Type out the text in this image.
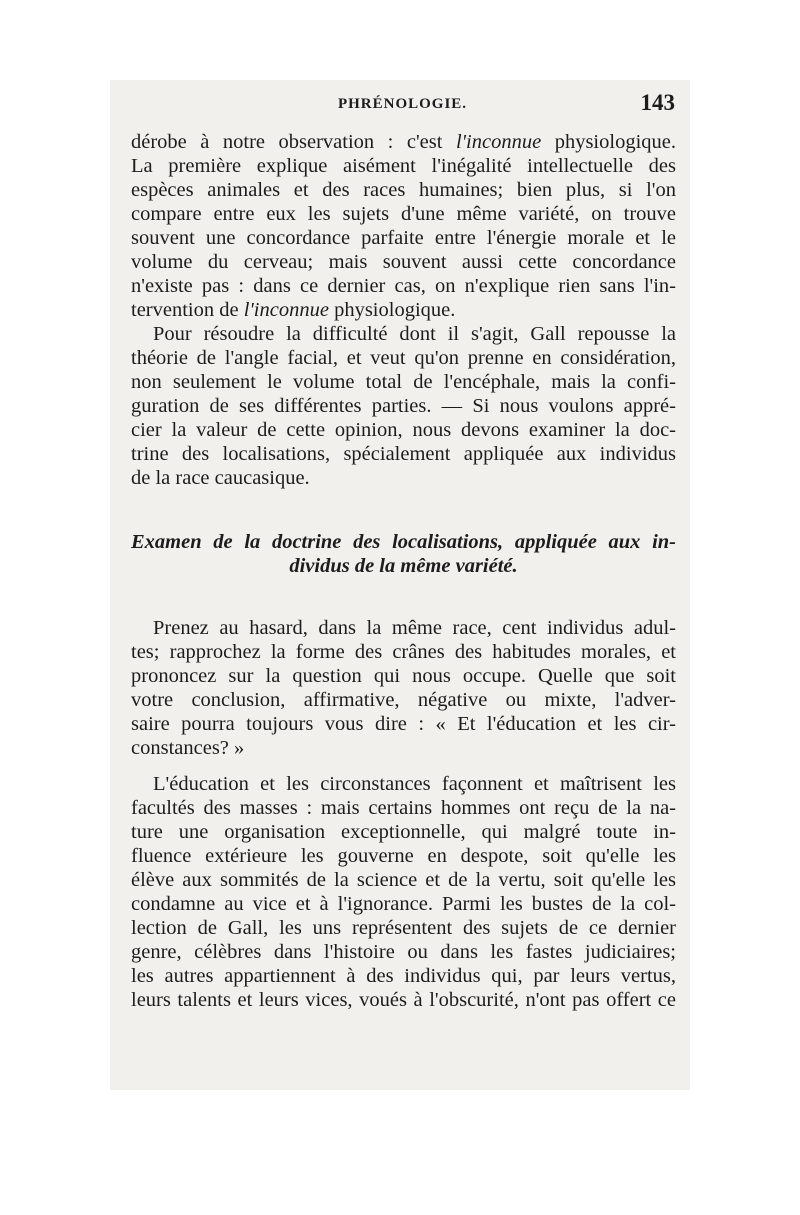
PHRÉNOLOGIE.	143
dérobe à notre observation : c'est l'inconnue physiologique.
La première explique aisément l'inégalité intellectuelle des
espèces animales et des races humaines; bien plus, si l'on
compare entre eux les sujets d'une même variété, on trouve
souvent une concordance parfaite entre l'énergie morale et le
volume du cerveau; mais souvent aussi cette concordance
n'existe pas : dans ce dernier cas, on n'explique rien sans l'in-
tervention de l'inconnue physiologique.
Pour résoudre la difficulté dont il s'agit, Gall repousse la
théorie de l'angle facial, et veut qu'on prenne en considération,
non seulement le volume total de l'encéphale, mais la confi-
guration de ses différentes parties. — Si nous voulons appré-
cier la valeur de cette opinion, nous devons examiner la doc-
trine des localisations, spécialement appliquée aux individus
de la race caucasique.
Examen de la doctrine des localisations, appliquée aux in-
dividus de la même variété.
Prenez au hasard, dans la même race, cent individus adul-
tes; rapprochez la forme des crânes des habitudes morales, et
prononcez sur la question qui nous occupe. Quelle que soit
votre conclusion, affirmative, négative ou mixte, l'adver-
saire pourra toujours vous dire : « Et l'éducation et les cir-
constances? »
L'éducation et les circonstances façonnent et maîtrisent les
facultés des masses : mais certains hommes ont reçu de la na-
ture une organisation exceptionnelle, qui malgré toute in-
fluence extérieure les gouverne en despote, soit qu'elle les
élève aux sommités de la science et de la vertu, soit qu'elle les
condamne au vice et à l'ignorance. Parmi les bustes de la col-
lection de Gall, les uns représentent des sujets de ce dernier
genre, célèbres dans l'histoire ou dans les fastes judiciaires;
les autres appartiennent à des individus qui, par leurs vertus,
leurs talents et leurs vices, voués à l'obscurité, n'ont pas offert ce
